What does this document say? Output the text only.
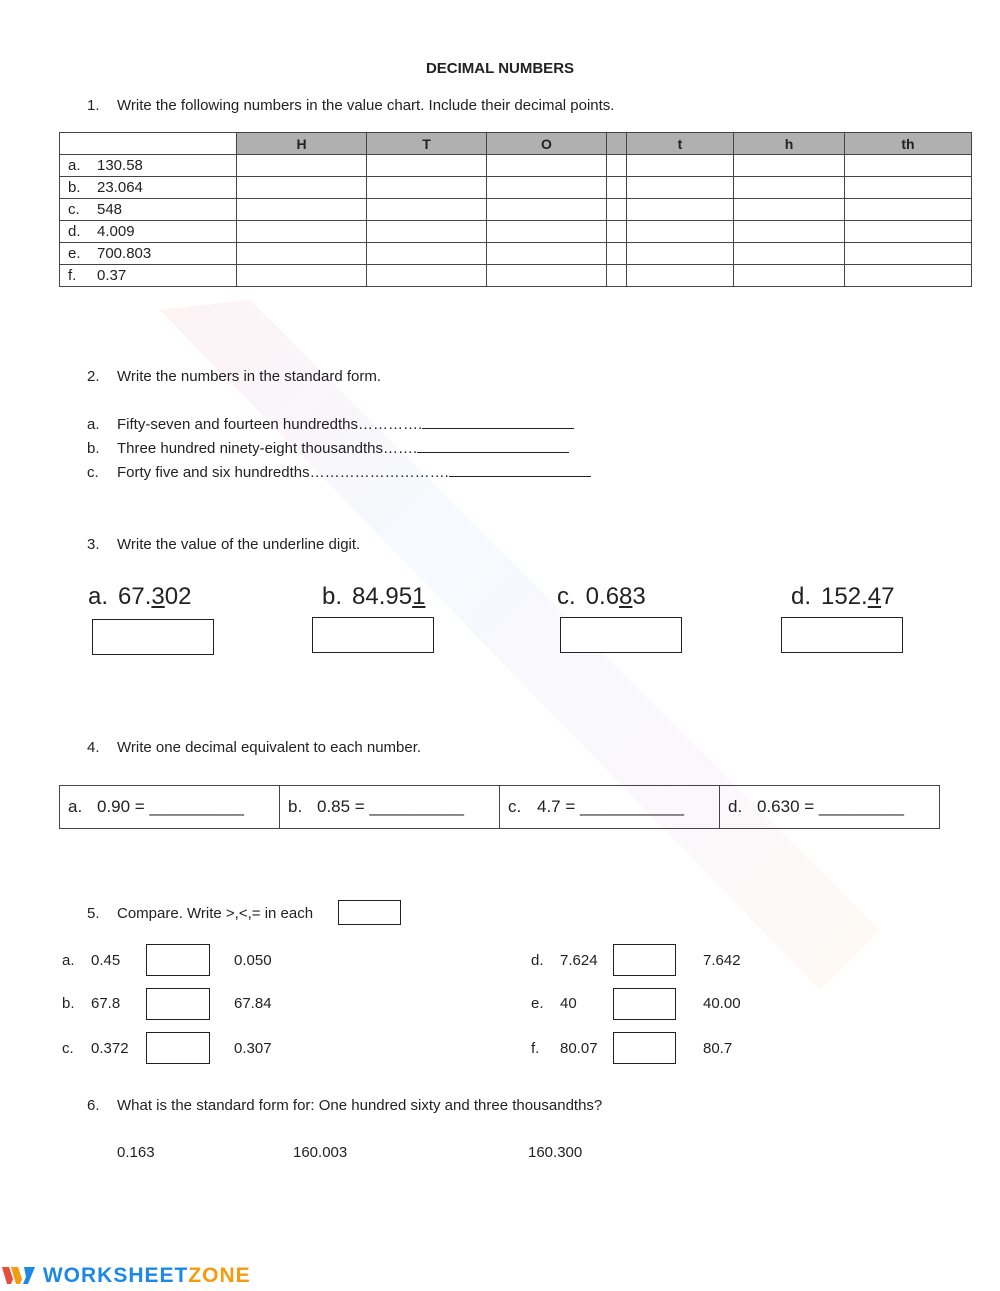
DECIMAL NUMBERS
1. Write the following numbers in the value chart. Include their decimal points.
	H	T	O		t	h	th
a. 130.58							
b. 23.064							
c. 548							
d. 4.009							
e. 700.803							
f. 0.37							
2. Write the numbers in the standard form.
a. Fifty-seven and fourteen hundredths………….
b. Three hundred ninety-eight thousandths…….
c. Forty five and six hundredths……………………….
3. Write the value of the underline digit.
a. 67.302	b. 84.951	c. 0.683	d. 152.47
4. Write one decimal equivalent to each number.
a. 0.90 = __________	b. 0.85 = __________	c. 4.7 = ___________	d. 0.630 = _________
5. Compare. Write >,<,= in each
a. 0.45	0.050
b. 67.8	67.84
c. 0.372	0.307
d. 7.624	7.642
e. 40	40.00
f. 80.07	80.7
6. What is the standard form for: One hundred sixty and three thousandths?
0.163	160.003	160.300
WORKSHEETZONE
